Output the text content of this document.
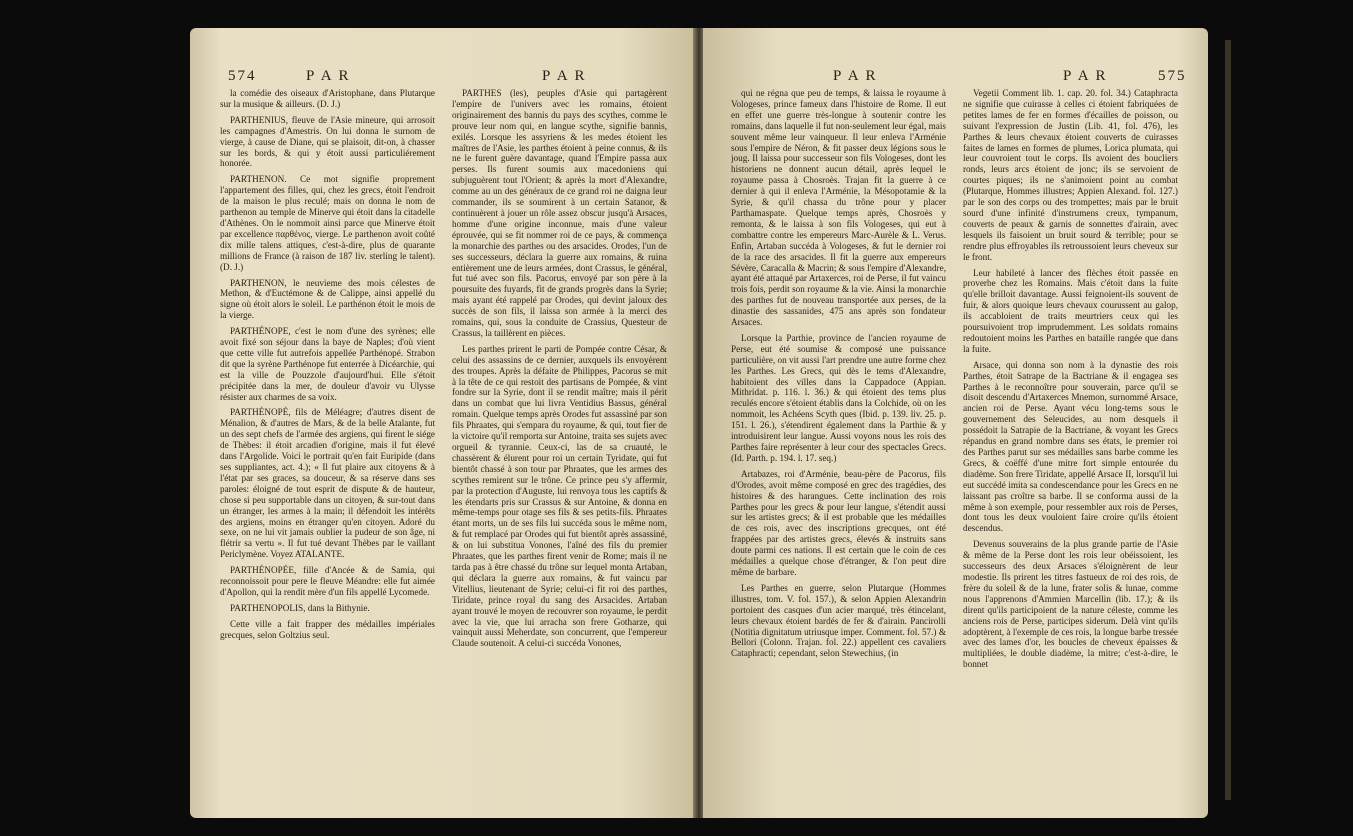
574	P A R	P A R

la comédie des oiseaux d'Aristophane, dans Plutarque sur la musique & ailleurs. (D. J.)

PARTHENIUS, fleuve de l'Asie mineure, qui arrosoit les campagnes d'Amestris. On lui donna le surnom de vierge, à cause de Diane, qui se plaisoit, dit-on, à chasser sur les bords, & qui y étoit aussi particuliérement honorée.

PARTHENON. Ce mot signifie proprement l'appartement des filles, qui, chez les grecs, étoit l'endroit de la maison le plus reculé; mais on donna le nom de parthenon au temple de Minerve qui étoit dans la citadelle d'Athènes. On le nommoit ainsi parce que Minerve étoit par excellence παρθένος, vierge. Le parthenon avoit coûté dix mille talens attiques, c'est-à-dire, plus de quarante millions de France (à raison de 187 liv. sterling le talent). (D. J.)

PARTHENON, le neuvieme des mois célestes de Methon, & d'Euctémone & de Calippe, ainsi appellé du signe où étoit alors le soleil. Le parthénon étoit le mois de la vierge.

PARTHÉNOPE, c'est le nom d'une des syrènes; elle avoit fixé son séjour dans la baye de Naples; d'où vient que cette ville fut autrefois appellée Parthénopé. Strabon dit que la syrène Parthénope fut enterrée à Dicéarchie, qui est la ville de Pouzzole d'aujourd'hui. Elle s'étoit précipitée dans la mer, de douleur d'avoir vu Ulysse résister aux charmes de sa voix.

PARTHÉNOPÉ, fils de Méléagre; d'autres disent de Ménalion, & d'autres de Mars, & de la belle Atalante, fut un des sept chefs de l'armée des argiens, qui firent le siége de Thèbes: il étoit arcadien d'origine, mais il fut élevé dans l'Argolide. Voici le portrait qu'en fait Euripide (dans ses suppliantes, act. 4.); « Il fut plaire aux citoyens & à l'état par ses graces, sa douceur, & sa réserve dans ses paroles: éloigné de tout esprit de dispute & de hauteur, chose si peu supportable dans un citoyen, & sur-tout dans un étranger, les armes à la main; il défendoit les intérêts des argiens, moins en étranger qu'en citoyen. Adoré du sexe, on ne lui vit jamais oublier la pudeur de son âge, ni flétrir sa vertu ». Il fut tué devant Thèbes par le vaillant Periclymène. Voyez ATALANTE.

PARTHÉNOPÉE, fille d'Ancée & de Samia, qui reconnoissoit pour pere le fleuve Méandre: elle fut aimée d'Apollon, qui la rendit mère d'un fils appellé Lycomede.

PARTHENOPOLIS, dans la Bithynie.

Cette ville a fait frapper des médailles impériales grecques, selon Goltzius seul.

PARTHES (les), peuples d'Asie qui partagèrent l'empire de l'univers avec les romains, étoient originairement des bannis du pays des scythes, comme le prouve leur nom qui, en langue scythe, signifie bannis, exilés. Lorsque les assyriens & les medes étoient les maîtres de l'Asie, les parthes étoient à peine connus, & ils ne le furent guère davantage, quand l'Empire passa aux perses. Ils furent soumis aux macedoniens qui subjuguèrent tout l'Orient; & après la mort d'Alexandre, comme au un des généraux de ce grand roi ne daigna leur commander, ils se soumirent à un certain Satanor, & continuèrent à jouer un rôle assez obscur jusqu'à Arsaces, homme d'une origine inconnue, mais d'une valeur éprouvée, qui se fit nommer roi de ce pays, & commença la monarchie des parthes ou des arsacides. Orodes, l'un de ses successeurs, déclara la guerre aux romains, & ruina entièrement une de leurs armées, dont Crassus, le général, fut tué avec son fils. Pacorus, envoyé par son père à la poursuite des fuyards, fit de grands progrès dans la Syrie; mais ayant été rappelé par Orodes, qui devint jaloux des succès de son fils, il laissa son armée à la merci des romains, qui, sous la conduite de Crassius, Questeur de Crassus, la taillèrent en pièces.

Les parthes prirent le parti de Pompée contre César, & celui des assassins de ce dernier, auxquels ils envoyèrent des troupes. Après la défaite de Philippes, Pacorus se mit à la tête de ce qui restoit des partisans de Pompée, & vint fondre sur la Syrie, dont il se rendit maître; mais il périt dans un combat que lui livra Ventidius Bassus, général romain. Quelque temps après Orodes fut assassiné par son fils Phraates, qui s'empara du royaume, & qui, tout fier de la victoire qu'il remporta sur Antoine, traita ses sujets avec orgueil & tyrannie. Ceux-ci, las de sa cruauté, le chassèrent & élurent pour roi un certain Tyridate, qui fut bientôt chassé à son tour par Phraates, que les armes des scythes remirent sur le trône. Ce prince peu s'y affermir, par la protection d'Auguste, lui renvoya tous les captifs & les étendarts pris sur Crassus & sur Antoine, & donna en même-temps pour otage ses fils & ses petits-fils. Phraates étant morts, un de ses fils lui succéda sous le même nom, & fut remplacé par Orodes qui fut bientôt après assassiné, & on lui substitua Vonones, l'aîné des fils du premier Phraates, que les parthes firent venir de Rome; mais il ne tarda pas à être chassé du trône sur lequel monta Artaban, qui déclara la guerre aux romains, & fut vaincu par Vitellius, lieutenant de Syrie; celui-ci fit roi des parthes, Tiridate, prince royal du sang des Arsacides. Artaban ayant trouvé le moyen de recouvrer son royaume, le perdit avec la vie, que lui arracha son frere Gotharze, qui vainquit aussi Meherdate, son concurrent, que l'empereur Claude soutenoit. A celui-ci succéda Vonones,

P A R	P A R	575

qui ne régna que peu de temps, & laissa le royaume à Vologeses, prince fameux dans l'histoire de Rome. Il eut en effet une guerre très-longue à soutenir contre les romains, dans laquelle il fut non-seulement leur égal, mais souvent même leur vainqueur. Il leur enleva l'Arménie sous l'empire de Néron, & fit passer deux légions sous le joug. Il laissa pour successeur son fils Vologeses, dont les historiens ne donnent aucun détail, après lequel le royaume passa à Chosroès. Trajan fit la guerre à ce dernier à qui il enleva l'Arménie, la Mésopotamie & la Syrie, & qu'il chassa du trône pour y placer Parthamaspate. Quelque temps après, Chosroès y remonta, & le laissa à son fils Vologeses, qui eut à combattre contre les empereurs Marc-Aurèle & L. Verus. Enfin, Artaban succéda à Vologeses, & fut le dernier roi de la race des arsacides. Il fit la guerre aux empereurs Sévère, Caracalla & Macrin; & sous l'empire d'Alexandre, ayant été attaqué par Artaxerces, roi de Perse, il fut vaincu trois fois, perdit son royaume & la vie. Ainsi la monarchie des parthes fut de nouveau transportée aux perses, de la dinastie des sassanides, 475 ans après son fondateur Arsaces.

Lorsque la Parthie, province de l'ancien royaume de Perse, eut été soumise & composé une puissance particulière, on vit aussi l'art prendre une autre forme chez les Parthes. Les Grecs, qui dès le tems d'Alexandre, habitoient des villes dans la Cappadoce (Appian. Mithridat. p. 116. l. 36.) & qui étoient des tems plus reculés encore s'étoient établis dans la Colchide, où on les nommoit, les Achéens Scyth ques (Ibid. p. 139. liv. 25. p. 151. l. 26.), s'étendirent également dans la Parthie & y introduisirent leur langue. Aussi voyons nous les rois des Parthes faire représenter à leur cour des spectacles Grecs. (Id. Parth. p. 194. l. 17. seq.)

Artabazes, roi d'Arménie, beau-père de Pacorus, fils d'Orodes, avoit même composé en grec des tragédies, des histoires & des harangues. Cette inclination des rois Parthes pour les grecs & pour leur langue, s'étendit aussi sur les artistes grecs; & il est probable que les médailles de ces rois, avec des inscriptions grecques, ont été frappées par des artistes grecs, élevés & instruits sans doute parmi ces nations. Il est certain que le coin de ces médailles a quelque chose d'étranger, & l'on peut dire même de barbare.

Les Parthes en guerre, selon Plutarque (Hommes illustres, tom. V. fol. 157.), & selon Appien Alexandrin portoient des casques d'un acier marqué, très étincelant, leurs chevaux étoient bardés de fer & d'airain. Pancirolli (Notitia dignitatum utriusque imper. Comment. fol. 57.) & Bellori (Colonn. Trajan. fol. 22.) appellent ces cavaliers Cataphracti; cependant, selon Stewechius, (in

Vegetii Comment lib. 1. cap. 20. fol. 34.) Cataphracta ne signifie que cuirasse à celles ci étoient fabriquées de petites lames de fer en formes d'écailles de poisson, ou suivant l'expression de Justin (Lib. 41, fol. 476), les Parthes & leurs chevaux étoient couverts de cuirasses faites de lames en formes de plumes, Lorica plumata, qui leur couvroient tout le corps. Ils avoient des boucliers ronds, leurs arcs étoient de jonc; ils se servoient de courtes piques; ils ne s'animoient point au combat (Plutarque, Hommes illustres; Appien Alexand. fol. 127.) par le son des corps ou des trompettes; mais par le bruit sourd d'une infinité d'instrumens creux, tympanum, couverts de peaux & garnis de sonnettes d'airain, avec lesquels ils faisoient un bruit sourd & terrible; pour se rendre plus effroyables ils retroussoient leurs cheveux sur le front.

Leur habileté à lancer des flèches étoit passée en proverbe chez les Romains. Mais c'étoit dans la fuite qu'elle brilloit davantage. Aussi feignoient-ils souvent de fuir, & alors quoique leurs chevaux courussent au galop, ils accabloient de traits meurtriers ceux qui les poursuivoient trop imprudemment. Les soldats romains redoutoient moins les Parthes en bataille rangée que dans la fuite.

Arsace, qui donna son nom à la dynastie des rois Parthes, étoit Satrape de la Bactriane & il engagea ses Parthes à le reconnoître pour souverain, parce qu'il se disoit descendu d'Artaxerces Mnemon, surnommé Arsace, ancien roi de Perse. Ayant vécu long-tems sous le gouvernement des Seleucides, au nom desquels il possédoit la Satrapie de la Bactriane, & voyant les Grecs répandus en grand nombre dans ses états, le premier roi des Parthes parut sur ses médailles sans barbe comme les Grecs, & coëffé d'une mitre fort simple entourée du diadème. Son frere Tiridate, appellé Arsace II, lorsqu'il lui eut succédé imita sa condescendance pour les Grecs en ne laissant pas croître sa barbe. Il se conforma aussi de la même à son exemple, pour ressembler aux rois de Perses, dont tous les deux vouloient faire croire qu'ils étoient descendus.

Devenus souverains de la plus grande partie de l'Asie & même de la Perse dont les rois leur obéissoient, les successeurs des deux Arsaces s'éloignèrent de leur modestie. Ils prirent les titres fastueux de roi des rois, de frère du soleil & de la lune, frater solis & lunae, comme nous l'apprenons d'Ammien Marcellin (lib. 17.); & ils dirent qu'ils participoient de la nature céleste, comme les anciens rois de Perse, participes siderum. Delà vint qu'ils adoptèrent, à l'exemple de ces rois, la longue barbe tressée avec des lames d'or, les boucles de cheveux épaisses & multipliées, le double diadème, la mitre; c'est-à-dire, le bonnet
